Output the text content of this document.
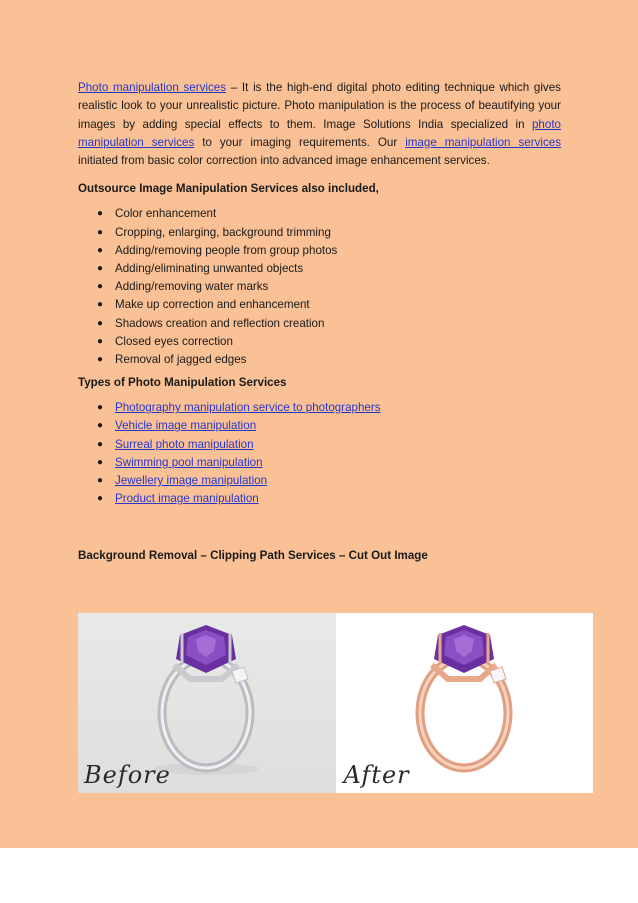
Photo manipulation services – It is the high-end digital photo editing technique which gives realistic look to your unrealistic picture. Photo manipulation is the process of beautifying your images by adding special effects to them. Image Solutions India specialized in photo manipulation services to your imaging requirements. Our image manipulation services initiated from basic color correction into advanced image enhancement services.

Outsource Image Manipulation Services also included,

● Color enhancement
● Cropping, enlarging, background trimming
● Adding/removing people from group photos
● Adding/eliminating unwanted objects
● Adding/removing water marks
● Make up correction and enhancement
● Shadows creation and reflection creation
● Closed eyes correction
● Removal of jagged edges

Types of Photo Manipulation Services

● Photography manipulation service to photographers
● Vehicle image manipulation
● Surreal photo manipulation
● Swimming pool manipulation
● Jewellery image manipulation
● Product image manipulation

Background Removal – Clipping Path Services – Cut Out Image

Before	After
